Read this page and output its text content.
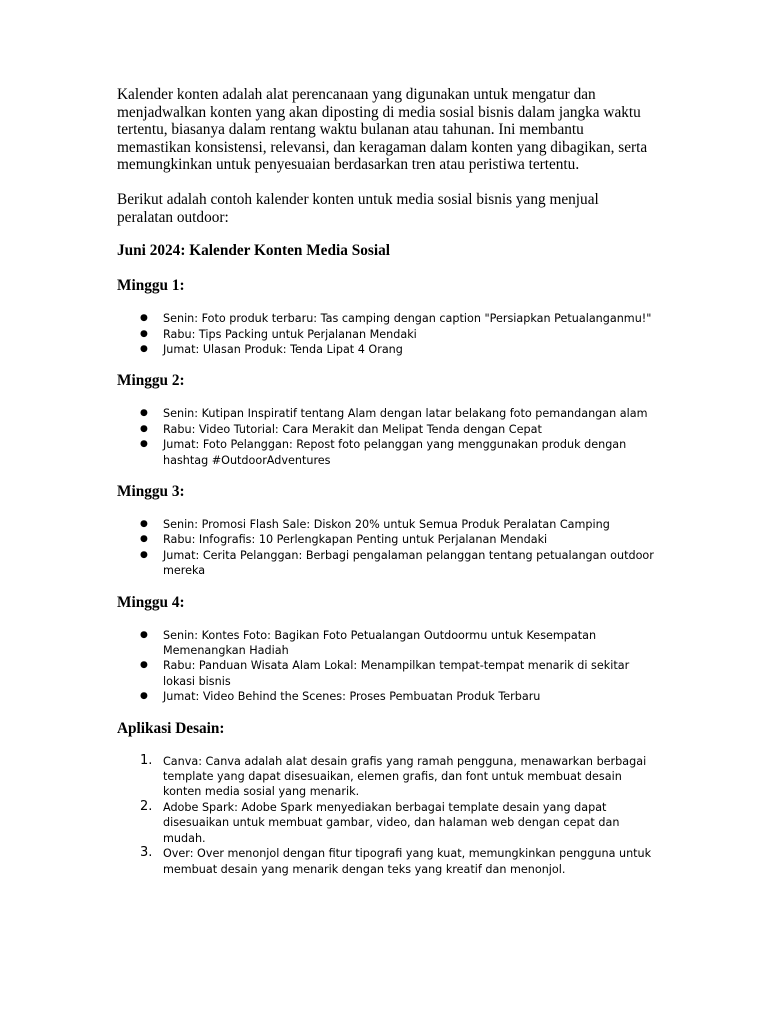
Kalender konten adalah alat perencanaan yang digunakan untuk mengatur dan menjadwalkan konten yang akan diposting di media sosial bisnis dalam jangka waktu tertentu, biasanya dalam rentang waktu bulanan atau tahunan. Ini membantu memastikan konsistensi, relevansi, dan keragaman dalam konten yang dibagikan, serta memungkinkan untuk penyesuaian berdasarkan tren atau peristiwa tertentu.

Berikut adalah contoh kalender konten untuk media sosial bisnis yang menjual peralatan outdoor:

Juni 2024: Kalender Konten Media Sosial
Minggu 1:
● Senin: Foto produk terbaru: Tas camping dengan caption "Persiapkan Petualanganmu!"
● Rabu: Tips Packing untuk Perjalanan Mendaki
● Jumat: Ulasan Produk: Tenda Lipat 4 Orang
Minggu 2:
● Senin: Kutipan Inspiratif tentang Alam dengan latar belakang foto pemandangan alam
● Rabu: Video Tutorial: Cara Merakit dan Melipat Tenda dengan Cepat
● Jumat: Foto Pelanggan: Repost foto pelanggan yang menggunakan produk dengan hashtag #OutdoorAdventures
Minggu 3:
● Senin: Promosi Flash Sale: Diskon 20% untuk Semua Produk Peralatan Camping
● Rabu: Infografis: 10 Perlengkapan Penting untuk Perjalanan Mendaki
● Jumat: Cerita Pelanggan: Berbagi pengalaman pelanggan tentang petualangan outdoor mereka
Minggu 4:
● Senin: Kontes Foto: Bagikan Foto Petualangan Outdoormu untuk Kesempatan Memenangkan Hadiah
● Rabu: Panduan Wisata Alam Lokal: Menampilkan tempat-tempat menarik di sekitar lokasi bisnis
● Jumat: Video Behind the Scenes: Proses Pembuatan Produk Terbaru
Aplikasi Desain:
1. Canva: Canva adalah alat desain grafis yang ramah pengguna, menawarkan berbagai template yang dapat disesuaikan, elemen grafis, dan font untuk membuat desain konten media sosial yang menarik.
2. Adobe Spark: Adobe Spark menyediakan berbagai template desain yang dapat disesuaikan untuk membuat gambar, video, dan halaman web dengan cepat dan mudah.
3. Over: Over menonjol dengan fitur tipografi yang kuat, memungkinkan pengguna untuk membuat desain yang menarik dengan teks yang kreatif dan menonjol.
